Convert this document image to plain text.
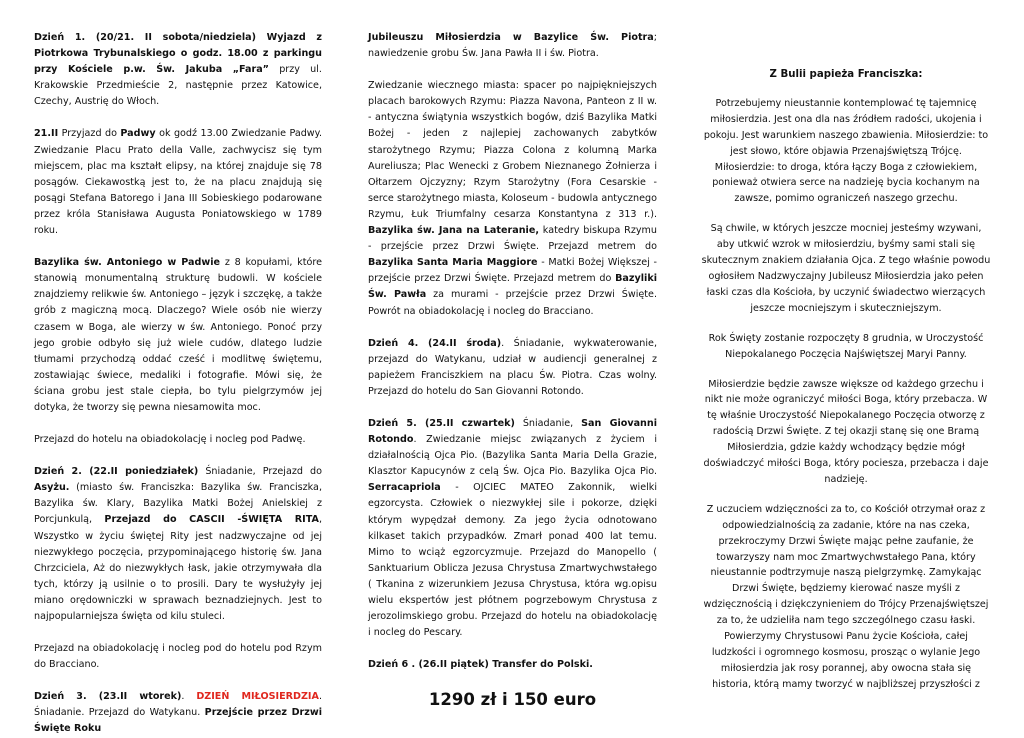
Dzień 1. (20/21. II sobota/niedziela) Wyjazd z Piotrkowa Trybunalskiego o godz. 18.00 z parkingu przy Kościele p.w. Św. Jakuba „Fara” przy ul. Krakowskie Przedmieście 2, następnie przez Katowice, Czechy, Austrię do Włoch.

21.II Przyjazd do Padwy ok godź 13.00 Zwiedzanie Padwy. Zwiedzanie Placu Prato della Valle, zachwycisz się tym miejscem, plac ma kształt elipsy, na której znajduje się 78 posągów. Ciekawostką jest to, że na placu znajdują się posągi Stefana Batorego i Jana III Sobieskiego podarowane przez króla Stanisława Augusta Poniatowskiego w 1789 roku.

Bazylika św. Antoniego w Padwie z 8 kopułami, które stanowią monumentalną strukturę budowli. W kościele znajdziemy relikwie św. Antoniego – język i szczękę, a także grób z magiczną mocą. Dlaczego? Wiele osób nie wierzy czasem w Boga, ale wierzy w św. Antoniego. Ponoć przy jego grobie odbyło się już wiele cudów, dlatego ludzie tłumami przychodzą oddać cześć i modlitwę świętemu, zostawiając świece, medaliki i fotografie. Mówi się, że ściana grobu jest stale ciepła, bo tylu pielgrzymów jej dotyka, że tworzy się pewna niesamowita moc.

Przejazd do hotelu na obiadokolację i nocleg pod Padwę.

Dzień 2. (22.II poniedziałek) Śniadanie, Przejazd do Asyżu. (miasto św. Franciszka: Bazylika św. Franciszka, Bazylika św. Klary, Bazylika Matki Bożej Anielskiej z Porcjunkulą, Przejazd do CASCII -ŚWIĘTA RITA, Wszystko w życiu świętej Rity jest nadzwyczajne od jej niezwykłego poczęcia, przypominającego historię św. Jana Chrzciciela, Aż do niezwykłych łask, jakie otrzymywała dla tych, którzy ją usilnie o to prosili. Dary te wysłużyły jej miano orędowniczki w sprawach beznadziejnych. Jest to najpopularniejsza święta od kilu stuleci.

Przejazd na obiadokolację i nocleg pod do hotelu pod Rzym do Bracciano.

Dzień 3. (23.II wtorek). DZIEŃ MIŁOSIERDZIA. Śniadanie. Przejazd do Watykanu. Przejście przez Drzwi Święte Roku

Jubileuszu Miłosierdzia w Bazylice Św. Piotra; nawiedzenie grobu Św. Jana Pawła II i św. Piotra.

Zwiedzanie wiecznego miasta: spacer po najpiękniejszych placach barokowych Rzymu: Piazza Navona, Panteon z II w. - antyczna świątynia wszystkich bogów, dziś Bazylika Matki Bożej - jeden z najlepiej zachowanych zabytków starożytnego Rzymu; Piazza Colona z kolumną Marka Aureliusza; Plac Wenecki z Grobem Nieznanego Żołnierza i Ołtarzem Ojczyzny; Rzym Starożytny (Fora Cesarskie - serce starożytnego miasta, Koloseum - budowla antycznego Rzymu, Łuk Triumfalny cesarza Konstantyna z 313 r.). Bazylika św. Jana na Lateranie, katedry biskupa Rzymu - przejście przez Drzwi Święte. Przejazd metrem do Bazylika Santa Maria Maggiore - Matki Bożej Większej - przejście przez Drzwi Święte. Przejazd metrem do Bazyliki Św. Pawła za murami - przejście przez Drzwi Święte. Powrót na obiadokolację i nocleg do Bracciano.

Dzień 4. (24.II środa). Śniadanie, wykwaterowanie, przejazd do Watykanu, udział w audiencji generalnej z papieżem Franciszkiem na placu Św. Piotra. Czas wolny. Przejazd do hotelu do San Giovanni Rotondo.

Dzień 5. (25.II czwartek) Śniadanie, San Giovanni Rotondo. Zwiedzanie miejsc związanych z życiem i działalnością Ojca Pio. (Bazylika Santa Maria Della Grazie, Klasztor Kapucynów z celą Św. Ojca Pio. Bazylika Ojca Pio. Serracapriola - OJCIEC MATEO Zakonnik, wielki egzorcysta. Człowiek o niezwykłej sile i pokorze, dzięki którym wypędzał demony. Za jego życia odnotowano kilkaset takich przypadków. Zmarł ponad 400 lat temu. Mimo to wciąż egzorcyzmuje. Przejazd do Manopello ( Sanktuarium Oblicza Jezusa Chrystusa Zmartwychwstałego ( Tkanina z wizerunkiem Jezusa Chrystusa, która wg.opisu wielu ekspertów jest płótnem pogrzebowym Chrystusa z jerozolimskiego grobu. Przejazd do hotelu na obiadokolację i nocleg do Pescary.

Dzień 6 . (26.II piątek) Transfer do Polski.

1290 zł i 150 euro

Z Bulii papieża Franciszka:

Potrzebujemy nieustannie kontemplować tę tajemnicę miłosierdzia. Jest ona dla nas źródłem radości, ukojenia i pokoju. Jest warunkiem naszego zbawienia. Miłosierdzie: to jest słowo, które objawia Przenajświętszą Trójcę. Miłosierdzie: to droga, która łączy Boga z człowiekiem, ponieważ otwiera serce na nadzieję bycia kochanym na zawsze, pomimo ograniczeń naszego grzechu.

Są chwile, w których jeszcze mocniej jesteśmy wzywani, aby utkwić wzrok w miłosierdziu, byśmy sami stali się skutecznym znakiem działania Ojca. Z tego właśnie powodu ogłosiłem Nadzwyczajny Jubileusz Miłosierdzia jako pełen łaski czas dla Kościoła, by uczynić świadectwo wierzących jeszcze mocniejszym i skuteczniejszym.

Rok Święty zostanie rozpoczęty 8 grudnia, w Uroczystość Niepokalanego Poczęcia Najświętszej Maryi Panny.

Miłosierdzie będzie zawsze większe od każdego grzechu i nikt nie może ograniczyć miłości Boga, który przebacza. W tę właśnie Uroczystość Niepokalanego Poczęcia otworzę z radością Drzwi Święte. Z tej okazji stanę się one Bramą Miłosierdzia, gdzie każdy wchodzący będzie mógł doświadczyć miłości Boga, który pociesza, przebacza i daje nadzieję.

Z uczuciem wdzięczności za to, co Kościół otrzymał oraz z odpowiedzialnością za zadanie, które na nas czeka, przekroczymy Drzwi Święte mając pełne zaufanie, że towarzyszy nam moc Zmartwychwstałego Pana, który nieustannie podtrzymuje naszą pielgrzymkę. Zamykając Drzwi Święte, będziemy kierować nasze myśli z wdzięcznością i dziękczynieniem do Trójcy Przenajświętszej za to, że udzieliła nam tego szczególnego czasu łaski. Powierzymy Chrystusowi Panu życie Kościoła, całej ludzkości i ogromnego kosmosu, prosząc o wylanie Jego miłosierdzia jak rosy porannej, aby owocna stała się historia, którą mamy tworzyć w najbliższej przyszłości z
